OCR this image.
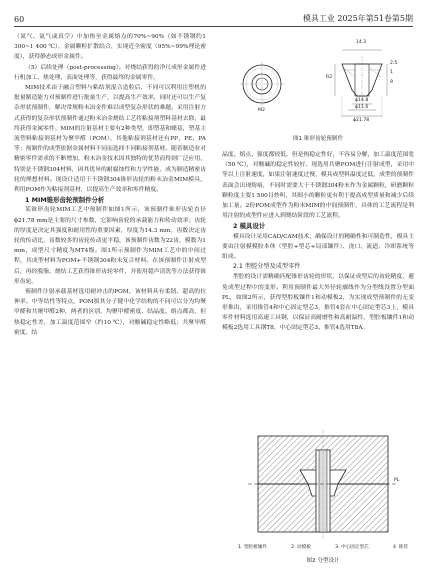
60	模具工业 2025年第51卷第5期

（氮气、氩气或真空）中加热至金属熔点的70%~90%（如不锈钢约1 300~1 400 ℃），金属颗粒扩散结合，实现近全密度（95%~99%理论密度），获得静态成形金属件。

（5）后续处理（post-processing）。对烧结获得的净尺成形金属件进行机加工、热处理、表面处理等，获得最终的金属零件。

MIM技术由于融合塑料与粘结剂混合造粒后，不同可以利用注塑机的批量制造能力对预制件进行批量生产，以提高生产效率，同时还可以生产复杂形状预制件，解决常规粉末冶金件难以成型复杂形状的难题。采用注射方式获得的复杂形状预制件通过粉末冶金烧结工艺将粘接剂塑料基材去除，最终获得金属零件。MIM的注射基材主要有2种类型，即塑基和蜡基，塑基主流塑料粘接剂基材为聚甲醛（POM），其他粘接剂基材还有PP、PE、PA等；预制件的成型依据金属材料不同而选择不同粘接剂基材。随着制造业对精密零件需求的不断增加，粉末冶金技术因其独特的优势而得到广泛应用，特别是不锈钢304材料，因其优异的耐腐蚀性和力学性能，成为制造精密齿轮的理想材料。现设计适用于不锈钢304锥形齿轮的粉末冶金MIM模具，利用POM作为粘接剂基材，以提高生产效率和零件精度。

1 MIM锥形齿轮预制件分析

某锥形齿轮MIM工艺中预制件如图1所示，该预制件锥形齿轮直径ϕ21.78 mm是主要的尺寸参数，它影响齿轮的承载能力和传动效率；齿轮的厚度是决定其强度和耐用性的重要因素，厚度为14.3 mm。齿数决定齿轮的传动比，齿数较多的齿轮传动更平稳，该预制件齿数为22齿，模数为1 mm，成型尺寸精度为MT4级。图1所示预制件为MIM工艺中的中间过程，其成型材料为POM+不锈钢304粉末复合材料，在该预制件注射成型后，再经脱脂、烧结工艺获得锥形齿轮零件，并使用超声清洗等方法获得锥形齿轮。

预制件注射承载基材选用耐冲击的POM，该材料具有柔韧、超高的拉伸率、中等结性等特点，POM拔其分子键中化学结构的不同可以分为均聚甲醛和共聚甲醛2种，两者的区别，均聚甲醛密度、结晶度、熔点都高，但热稳定性差，加工温度范围窄（约10 ℃），对酸碱稳定性略低；共聚甲醛密度、结

14.3
2.5
1
9
R2
ϕ14.8
ϕ11.6
ϕ21.78
M2
图1 锥形齿轮预制件

晶度、熔点、强度都较低，但是热稳定性好，不容易分解，加工温度范围宽（50 ℃），对酸碱的稳定性较好。现选用共聚POM进行注射成型，采用中等以上注射速度，如果注射速度过慢，模具成型料温度过低，成型的预制件表面会出现熔痕，不同时需要大于不锈钢304粉末作为金属颗粒，研磨颗粒颗粒度主要1 500目炒叫，其细小的颗粒更有利于提高成型质量和减少后续加工量。2份POM成型作为粉末MIM的中间预制件，具体的工艺流程是利用注射的成型件应进入到烧结阶段的工艺流程。

2 模具设计

模具设计采用CAD/CAM技术，确保设计的精确性和可制造性，模具主要由注射模模胶本体（型腔+型芯+局部镶件）、浇口、流道、冷却系统等组成。

2.1 型腔分型及成型零件

型腔的设计需精确匹配锥形齿轮的形状，以保证成型后的齿轮精度，避免成型过程中的变形。利用预制件最大外径轮廓线作为分型线设置分型面PL，如图2所示，获得型腔板镶件1和动模板2，为实现成型预制件的无变形推出，采用推管4和中心固定型芯3，推管4套在中心固定型芯3上，模具零件材料选用高速工具钢，以保证高耐磨性和高耐温性，型腔板镶件1和动模板2选用工具钢T8，中心固定型芯3、推管4选用T8A。

PL
1. 型腔板镶件	2. 动模板	3. 中心固定型芯	4. 推管
图2 分型设计
